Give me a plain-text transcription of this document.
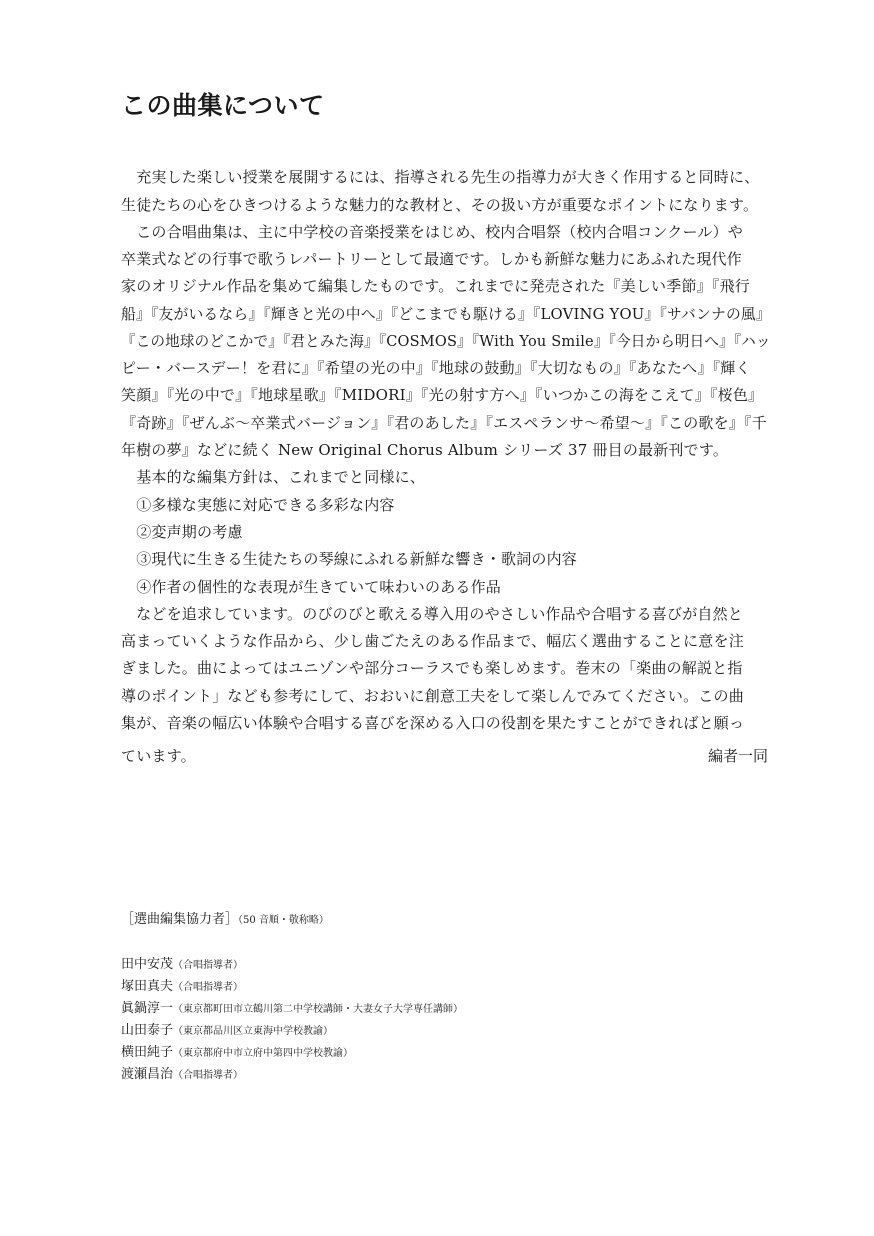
この曲集について

　充実した楽しい授業を展開するには、指導される先生の指導力が大きく作用すると同時に、

生徒たちの心をひきつけるような魅力的な教材と、その扱い方が重要なポイントになります。

　この合唱曲集は、主に中学校の音楽授業をはじめ、校内合唱祭（校内合唱コンクール）や

卒業式などの行事で歌うレパートリーとして最適です。しかも新鮮な魅力にあふれた現代作

家のオリジナル作品を集めて編集したものです。これまでに発売された『美しい季節』『飛行

船』『友がいるなら』『輝きと光の中へ』『どこまでも駆ける』『LOVING YOU』『サバンナの風』

『この地球のどこかで』『君とみた海』『COSMOS』『With You Smile』『今日から明日へ』『ハッ

ピー・バースデー！を君に』『希望の光の中』『地球の鼓動』『大切なもの』『あなたへ』『輝く

笑顔』『光の中で』『地球星歌』『MIDORI』『光の射す方へ』『いつかこの海をこえて』『桜色』

『奇跡』『ぜんぶ～卒業式バージョン』『君のあした』『エスペランサ～希望～』『この歌を』『千

年樹の夢』などに続く New Original Chorus Album シリーズ 37 冊目の最新刊です。

　基本的な編集方針は、これまでと同様に、

　①多様な実態に対応できる多彩な内容

　②変声期の考慮

　③現代に生きる生徒たちの琴線にふれる新鮮な響き・歌詞の内容

　④作者の個性的な表現が生きていて味わいのある作品

　などを追求しています。のびのびと歌える導入用のやさしい作品や合唱する喜びが自然と

高まっていくような作品から、少し歯ごたえのある作品まで、幅広く選曲することに意を注

ぎました。曲によってはユニゾンや部分コーラスでも楽しめます。巻末の「楽曲の解説と指

導のポイント」なども参考にして、おおいに創意工夫をして楽しんでみてください。この曲

集が、音楽の幅広い体験や合唱する喜びを深める入口の役割を果たすことができればと願っ

ています。	編者一同

［選曲編集協力者］（50 音順・敬称略）

田中安茂（合唱指導者）

塚田真夫（合唱指導者）

眞鍋淳一（東京都町田市立鶴川第二中学校講師・大妻女子大学専任講師）

山田泰子（東京都品川区立東海中学校教諭）

横田純子（東京都府中市立府中第四中学校教諭）

渡瀬昌治（合唱指導者）
